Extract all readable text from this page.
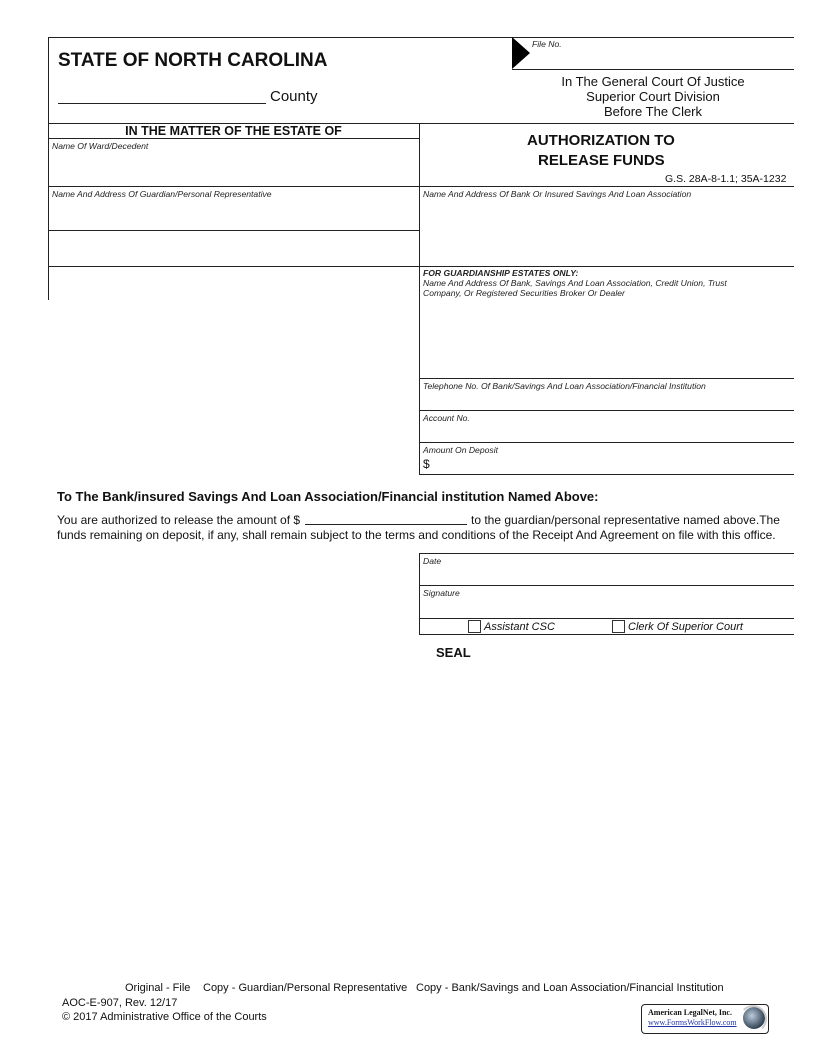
STATE OF NORTH CAROLINA
County
File No.
In The General Court Of Justice
Superior Court Division
Before The Clerk
IN THE MATTER OF THE ESTATE OF
Name Of Ward/Decedent
Name And Address Of Guardian/Personal Representative
AUTHORIZATION TO
RELEASE FUNDS
G.S. 28A-8-1.1; 35A-1232
Name And Address Of Bank Or Insured Savings And Loan Association
FOR GUARDIANSHIP ESTATES ONLY:
Name And Address Of Bank, Savings And Loan Association, Credit Union, Trust
Company, Or Registered Securities Broker Or Dealer
Telephone No. Of Bank/Savings And Loan Association/Financial Institution
Account No.
Amount On Deposit
$
To The Bank/insured Savings And Loan Association/Financial institution Named Above:
You are authorized to release the amount of $	to the guardian/personal representative named above.The
funds remaining on deposit, if any, shall remain subject to the terms and conditions of the Receipt And Agreement on file with this office.
Date
Signature
Assistant CSC	Clerk Of Superior Court
SEAL
Original - File Copy - Guardian/Personal Representative Copy - Bank/Savings and Loan Association/Financial Institution
AOC-E-907, Rev. 12/17
© 2017 Administrative Office of the Courts	American LegalNet, Inc.
www.FormsWorkFlow.com
